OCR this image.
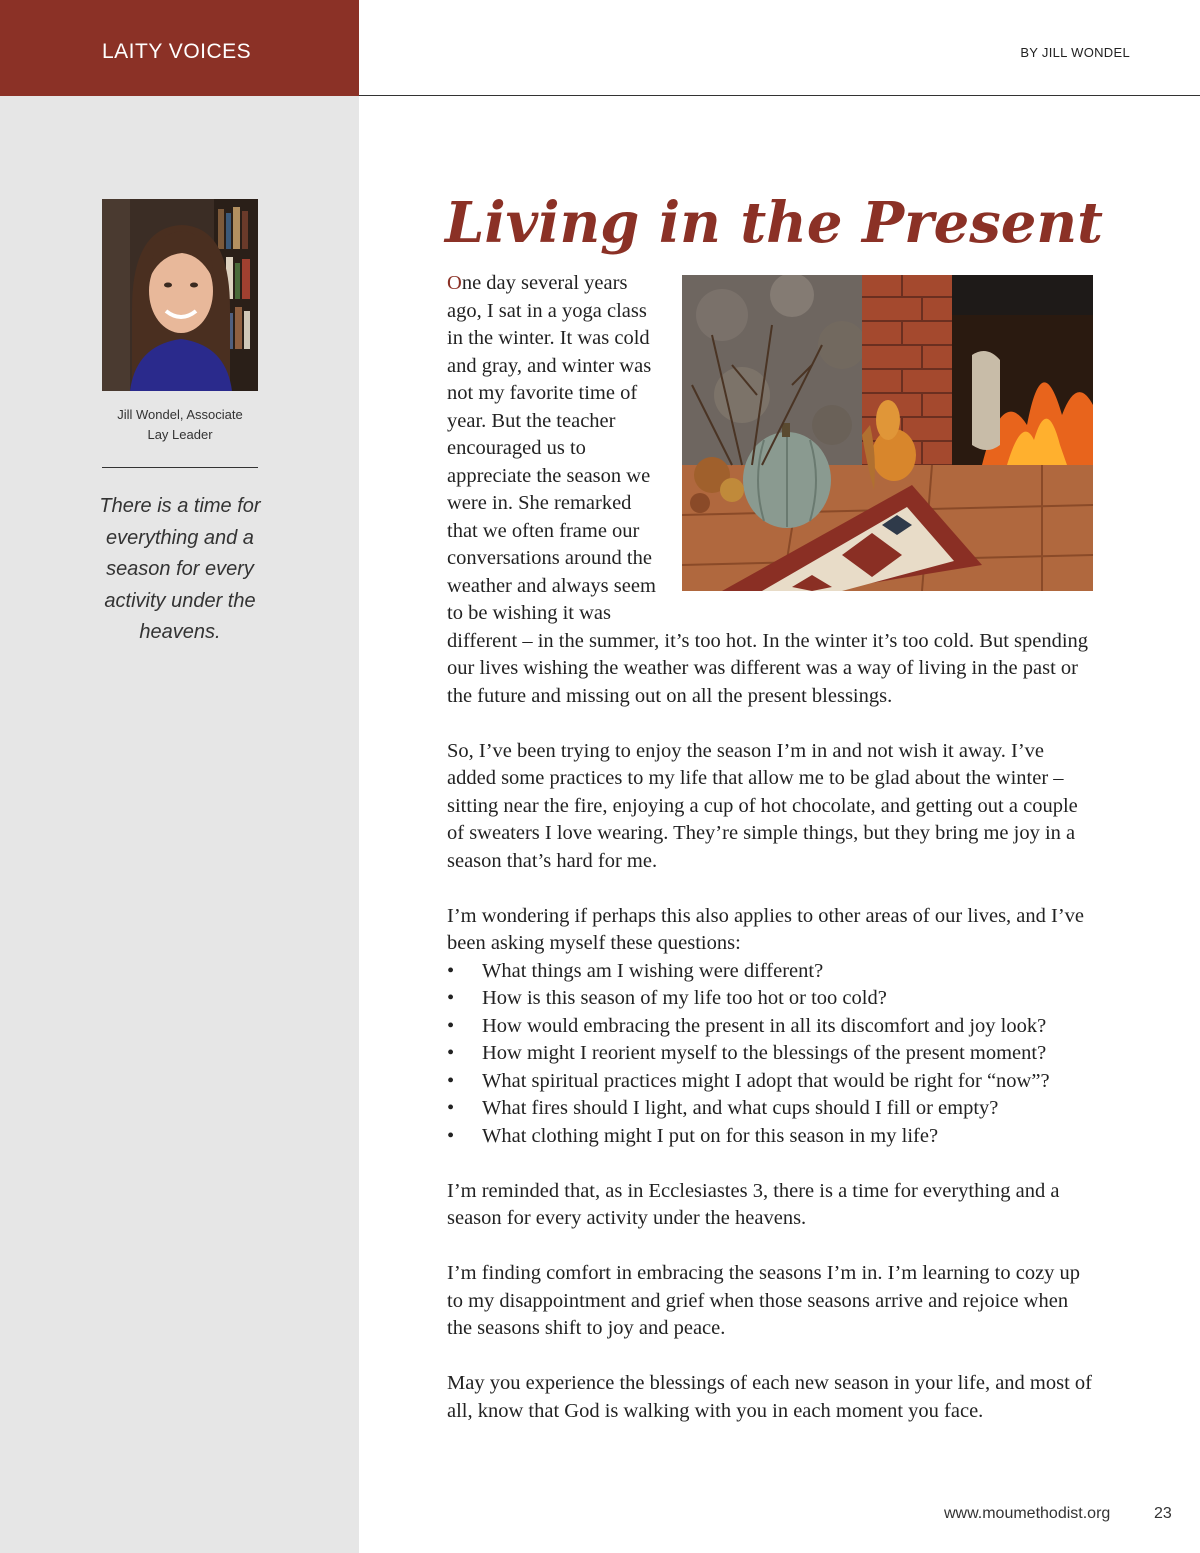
LAITY VOICES	BY JILL WONDEL
Jill Wondel, Associate
Lay Leader
There is a time for everything and a season for every activity under the heavens.
Living in the Present

One day several years ago, I sat in a yoga class in the winter. It was cold and gray, and winter was not my favorite time of year. But the teacher encouraged us to appreciate the season we were in. She remarked that we often frame our conversations around the weather and always seem to be wishing it was different – in the summer, it’s too hot. In the winter it’s too cold. But spending our lives wishing the weather was different was a way of living in the past or the future and missing out on all the present blessings.

So, I’ve been trying to enjoy the season I’m in and not wish it away. I’ve added some practices to my life that allow me to be glad about the winter – sitting near the fire, enjoying a cup of hot chocolate, and getting out a couple of sweaters I love wearing. They’re simple things, but they bring me joy in a season that’s hard for me.

I’m wondering if perhaps this also applies to other areas of our lives, and I’ve been asking myself these questions:

• What things am I wishing were different?
• How is this season of my life too hot or too cold?
• How would embracing the present in all its discomfort and joy look?
• How might I reorient myself to the blessings of the present moment?
• What spiritual practices might I adopt that would be right for “now”?
• What fires should I light, and what cups should I fill or empty?
• What clothing might I put on for this season in my life?

I’m reminded that, as in Ecclesiastes 3, there is a time for everything and a season for every activity under the heavens.

I’m finding comfort in embracing the seasons I’m in. I’m learning to cozy up to my disappointment and grief when those seasons arrive and rejoice when the seasons shift to joy and peace.

May you experience the blessings of each new season in your life, and most of all, know that God is walking with you in each moment you face.

www.moumethodist.org	23
